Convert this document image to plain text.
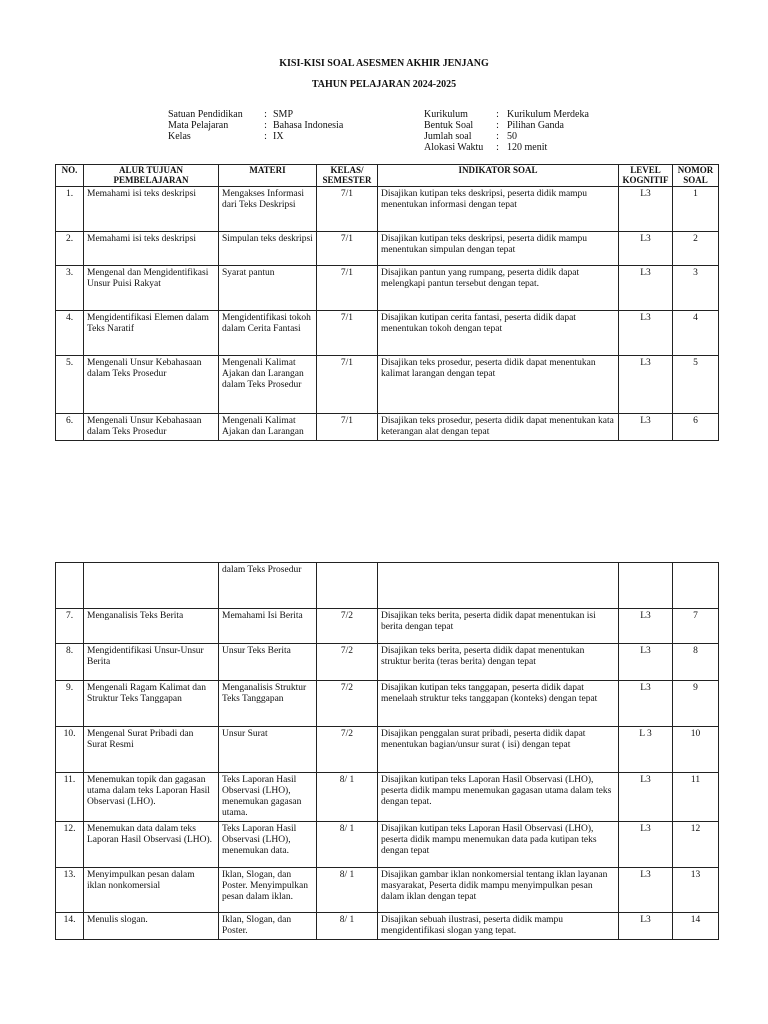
KISI-KISI SOAL ASESMEN AKHIR JENJANG
TAHUN PELAJARAN 2024-2025
Satuan Pendidikan : SMP
Mata Pelajaran	: Bahasa Indonesia
Kelas	: IX
Kurikulum	: Kurikulum Merdeka
Bentuk Soal : Pilihan Ganda
Jumlah soal : 50
Alokasi Waktu : 120 menit
NO.	ALUR TUJUAN PEMBELAJARAN	MATERI	KELAS/ SEMESTER	INDIKATOR SOAL	LEVEL KOGNITIF	NOMOR SOAL
1.	Memahami isi teks deskripsi	Mengakses Informasi dari Teks Deskripsi	7/1	Disajikan kutipan teks deskripsi, peserta didik mampu menentukan informasi dengan tepat	L3	1
2.	Memahami isi teks deskripsi	Simpulan teks deskripsi	7/1	Disajikan kutipan teks deskripsi, peserta didik mampu menentukan simpulan dengan tepat	L3	2
3.	Mengenal dan Mengidentifikasi Unsur Puisi Rakyat	Syarat pantun	7/1	Disajikan pantun yang rumpang, peserta didik dapat melengkapi pantun tersebut dengan tepat.	L3	3
4.	Mengidentifikasi Elemen dalam Teks Naratif	Mengidentifikasi tokoh dalam Cerita Fantasi	7/1	Disajikan kutipan cerita fantasi, peserta didik dapat menentukan tokoh dengan tepat	L3	4
5.	Mengenali Unsur Kebahasaan dalam Teks Prosedur	Mengenali Kalimat Ajakan dan Larangan dalam Teks Prosedur	7/1	Disajikan teks prosedur, peserta didik dapat menentukan kalimat larangan dengan tepat	L3	5
6.	Mengenali Unsur Kebahasaan dalam Teks Prosedur	Mengenali Kalimat Ajakan dan Larangan	7/1	Disajikan teks prosedur, peserta didik dapat menentukan kata keterangan alat dengan tepat	L3	6
		dalam Teks Prosedur				
7.	Menganalisis Teks Berita	Memahami Isi Berita	7/2	Disajikan teks berita, peserta didik dapat menentukan isi berita dengan tepat	L3	7
8.	Mengidentifikasi Unsur-Unsur Berita	Unsur Teks Berita	7/2	Disajikan teks berita, peserta didik dapat menentukan struktur berita (teras berita) dengan tepat	L3	8
9.	Mengenali Ragam Kalimat dan Struktur Teks Tanggapan	Menganalisis Struktur Teks Tanggapan	7/2	Disajikan kutipan teks tanggapan, peserta didik dapat menelaah struktur teks tanggapan (konteks) dengan tepat	L3	9
10.	Mengenal Surat Pribadi dan Surat Resmi	Unsur Surat	7/2	Disajikan penggalan surat pribadi, peserta didik dapat menentukan bagian/unsur surat ( isi) dengan tepat	L 3	10
11.	Menemukan topik dan gagasan utama dalam teks Laporan Hasil Observasi (LHO).	Teks Laporan Hasil Observasi (LHO), menemukan gagasan utama.	8/ 1	Disajikan kutipan teks Laporan Hasil Observasi (LHO), peserta didik mampu menemukan gagasan utama dalam teks dengan tepat.	L3	11
12.	Menemukan data dalam teks Laporan Hasil Observasi (LHO).	Teks Laporan Hasil Observasi (LHO), menemukan data.	8/ 1	Disajikan kutipan teks Laporan Hasil Observasi (LHO), peserta didik mampu menemukan data pada kutipan teks dengan tepat	L3	12
13.	Menyimpulkan pesan dalam iklan nonkomersial	Iklan, Slogan, dan Poster. Menyimpulkan pesan dalam iklan.	8/ 1	Disajikan gambar iklan nonkomersial tentang iklan layanan masyarakat, Peserta didik mampu menyimpulkan pesan dalam iklan dengan tepat	L3	13
14.	Menulis slogan.	Iklan, Slogan, dan Poster.	8/ 1	Disajikan sebuah ilustrasi, peserta didik mampu mengidentifikasi slogan yang tepat.	L3	14
